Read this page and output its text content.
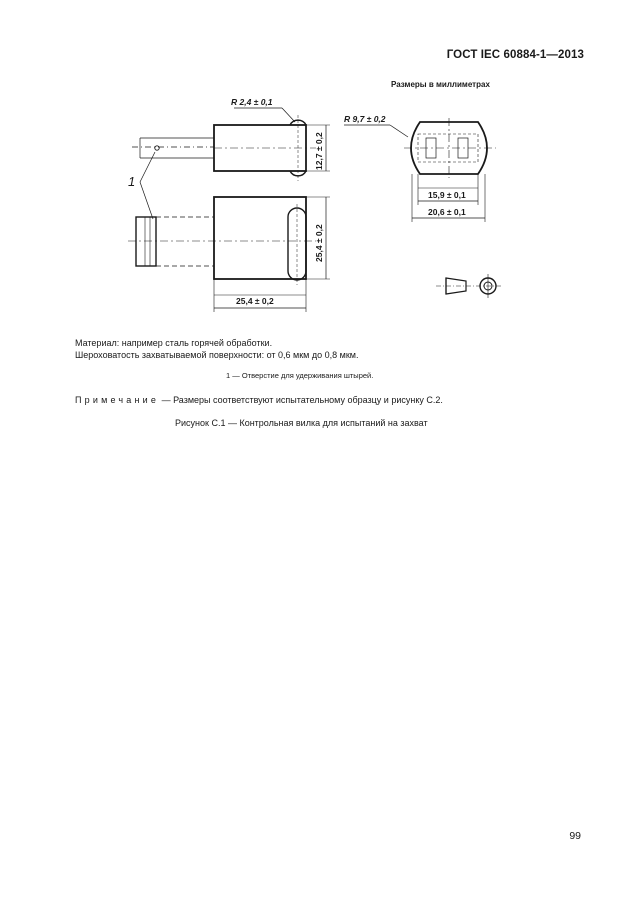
ГОСТ IEC 60884-1—2013
Размеры в миллиметрах
R 2,4 ± 0,1
12,7 ± 0,2
25,4 ± 0,2
25,4 ± 0,2
R 9,7 ± 0,2
15,9 ± 0,1
20,6 ± 0,1
1
Материал: например сталь горячей обработки.
Шероховатость захватываемой поверхности: от 0,6 мкм до 0,8 мкм.
1 — Отверстие для удерживания штырей.
Примечание — Размеры соответствуют испытательному образцу и рисунку С.2.
Рисунок С.1 — Контрольная вилка для испытаний на захват
99
